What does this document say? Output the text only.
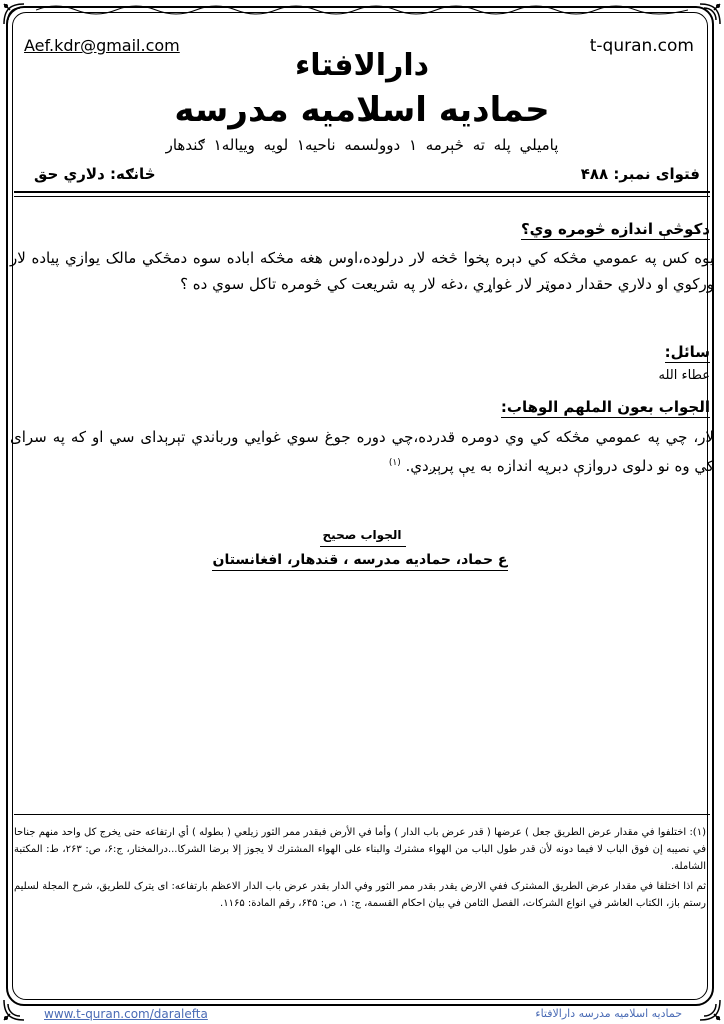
Aef.kdr@gmail.com	t-quran.com
دارالافتاء
حمادیه اسلامیه مدرسه
پاميلي پله ته څېرمه ۱ دوولسمه ناحيه۱ لويه ويياله۱ ګندهار
فتوای نمبر: ۴۸۸
څانګه: دلاري حق
دکوڅې اندازه څومره وي؟
يوه کس په عمومي مڅکه کي دېره پخوا څخه لار درلوده،اوس هغه مڅکه اباده سوه دمڅکي مالک يوازي پياده لار ورکوي او دلاري حقدار دموټر لار غواړي ،دغه لار په شريعت کي څومره تاکل سوي ده ؟
سائل:
عطاء الله
الجواب بعون الملهم الوهاب:
لار، چي په عمومي مڅکه کي وي دومره قدرده،چي دوره جوغ سوي غوايي ورباندي تېرېدای سي او که په سرای کي وه نو دلوی دروازې دبرپه اندازه به يې پرېږدي. $^{(۱)}$
الجواب صحيح
ع حماد، حماديه مدرسه ، قندهار، افغانستان
(۱): اختلفوا في مقدار عرض الطريق جعل ) عرضها ( قدر عرض باب الدار ) وأما في الأرض فبقدر ممر الثور زيلعي ( بطوله ) أي ارتفاعه حتى يخرج كل واحد منهم جناحا في نصيبه إن فوق الباب لا فيما دونه لأن قدر طول الباب من الهواء مشترك والبناء على الهواء المشترك لا يجوز إلا برضا الشركا...درالمختار، ج:۶، ص: ۲۶۳، ط: المكتبة الشاملة.
ثم اذا اختلفا في مقدار عرض الطريق المشترک ففي الارض يقدر بقدر ممر الثور وفي الدار بقدر عرض باب الدار الاعظم بارتفاعه: اى يترک للطريق، شرح المجلة لسليم رستم باز، الكتاب العاشر في انواع الشركات، الفصل الثامن في بيان احكام القسمة، ج: ۱، ص: ۶۴۵، رقم المادة: ۱۱۶۵.
www.t-quran.com/daralefta	حماديه اسلاميه مدرسه دارالافتاء
